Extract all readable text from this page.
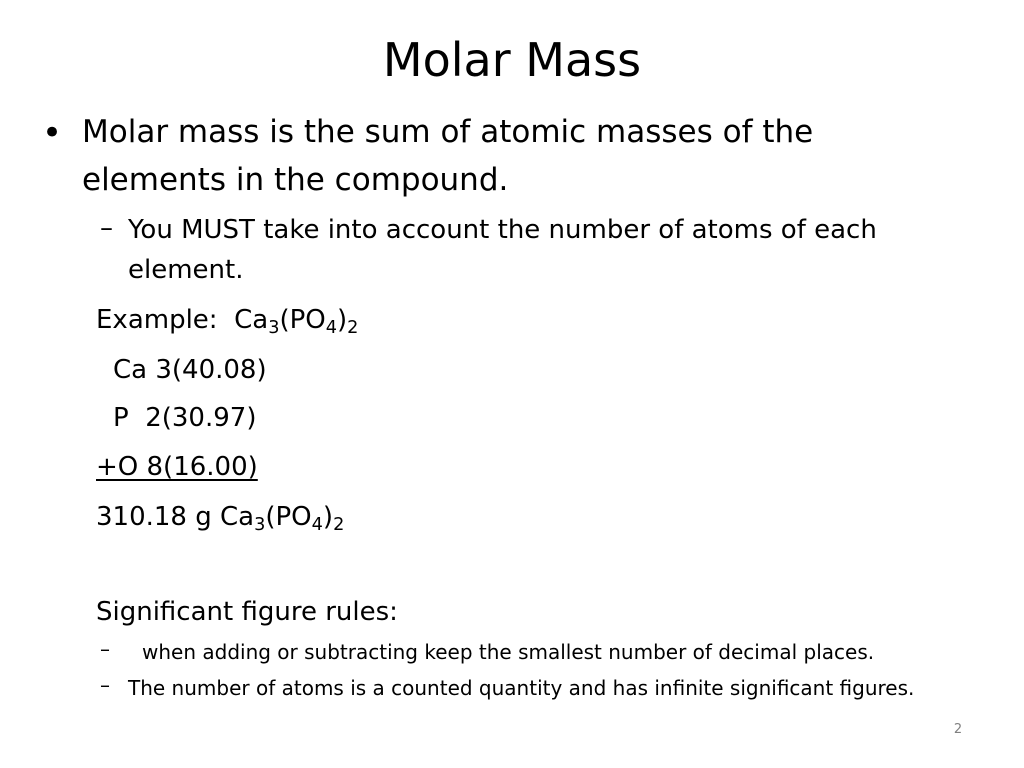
Molar Mass
• Molar mass is the sum of atomic masses of the
elements in the compound.
– You MUST take into account the number of atoms of each
element.
Example: $Ca_3(PO_4)_2$
Ca 3(40.08)
P  2(30.97)
+O 8(16.00)
310.18 g $Ca_3(PO_4)_2$
Significant figure rules:
– when adding or subtracting keep the smallest number of decimal places.
– The number of atoms is a counted quantity and has infinite significant figures.
2
